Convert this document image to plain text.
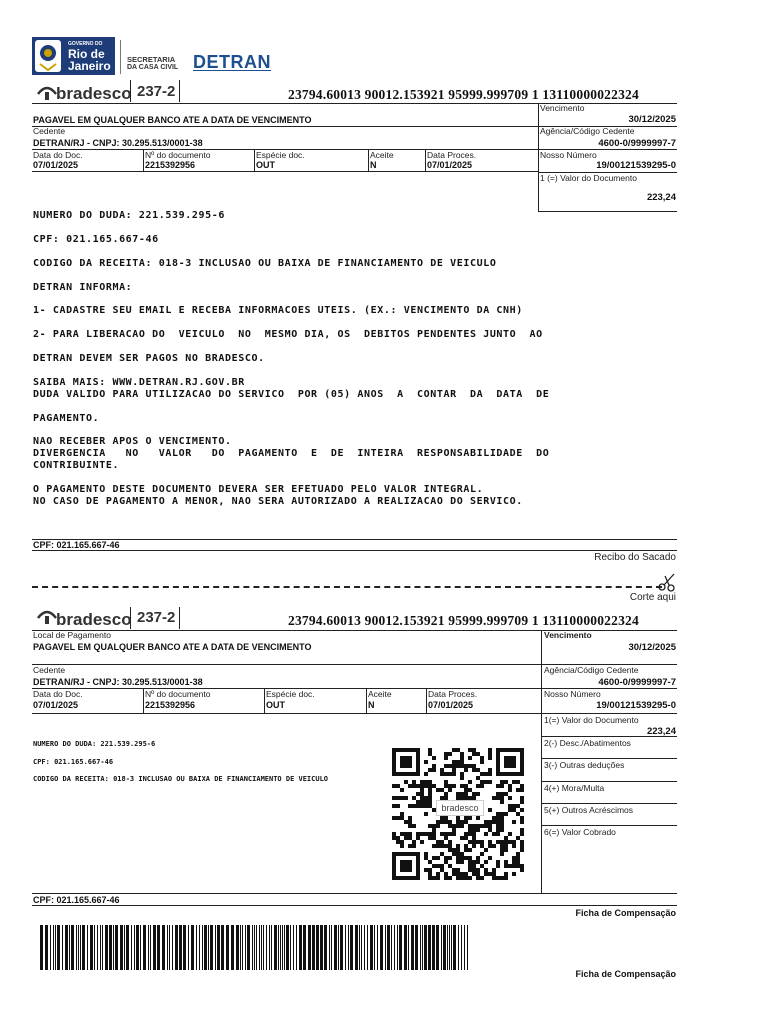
GOVERNO DO
Rio de
Janeiro SECRETARIA
DA CASA CIVIL DETRAN
bradesco 237-2	23794.60013 90012.153921 95999.999709 1 13110000022324
Vencimento
PAGAVEL EM QUALQUER BANCO ATE A DATA DE VENCIMENTO	30/12/2025
Cedente	Agência/Código Cedente
DETRAN/RJ - CNPJ: 30.295.513/0001-38	4600-0/9999997-7
Data do Doc.	Nº do documento	Espécie doc.	Aceite	Data Proces.	Nosso Número
07/01/2025	2215392956	OUT	N	07/01/2025	19/00121539295-0
1 (=) Valor do Documento
223,24
NUMERO DO DUDA: 221.539.295-6
CPF: 021.165.667-46
CODIGO DA RECEITA: 018-3 INCLUSAO OU BAIXA DE FINANCIAMENTO DE VEICULO
DETRAN INFORMA:
1- CADASTRE SEU EMAIL E RECEBA INFORMACOES UTEIS. (EX.: VENCIMENTO DA CNH)
2- PARA LIBERACAO DO  VEICULO  NO  MESMO DIA, OS  DEBITOS PENDENTES JUNTO  AO
DETRAN DEVEM SER PAGOS NO BRADESCO.
SAIBA MAIS: WWW.DETRAN.RJ.GOV.BR
DUDA VALIDO PARA UTILIZACAO DO SERVICO  POR (05) ANOS  A  CONTAR  DA  DATA  DE
PAGAMENTO.
NAO RECEBER APOS O VENCIMENTO.
DIVERGENCIA   NO   VALOR   DO  PAGAMENTO  E  DE  INTEIRA  RESPONSABILIDADE  DO
CONTRIBUINTE.
O PAGAMENTO DESTE DOCUMENTO DEVERA SER EFETUADO PELO VALOR INTEGRAL.
NO CASO DE PAGAMENTO A MENOR, NAO SERA AUTORIZADO A REALIZACAO DO SERVICO.
CPF: 021.165.667-46
Recibo do Sacado
Corte aqui
bradesco 237-2	23794.60013 90012.153921 95999.999709 1 13110000022324
Local de Pagamento	Vencimento
PAGAVEL EM QUALQUER BANCO ATE A DATA DE VENCIMENTO	30/12/2025
Cedente	Agência/Código Cedente
DETRAN/RJ - CNPJ: 30.295.513/0001-38	4600-0/9999997-7
Data do Doc.	Nº do documento	Espécie doc.	Aceite	Data Proces.	Nosso Número
07/01/2025	2215392956	OUT	N	07/01/2025	19/00121539295-0
1(=) Valor do Documento
223,24
2(-) Desc./Abatimentos
3(-) Outras deduções
4(+) Mora/Multa
5(+) Outros Acréscimos
6(=) Valor Cobrado
NUMERO DO DUDA: 221.539.295-6
CPF: 021.165.667-46
CODIGO DA RECEITA: 018-3 INCLUSAO OU BAIXA DE FINANCIAMENTO DE VEICULO
bradesco
CPF: 021.165.667-46
Ficha de Compensação
Ficha de Compensação
